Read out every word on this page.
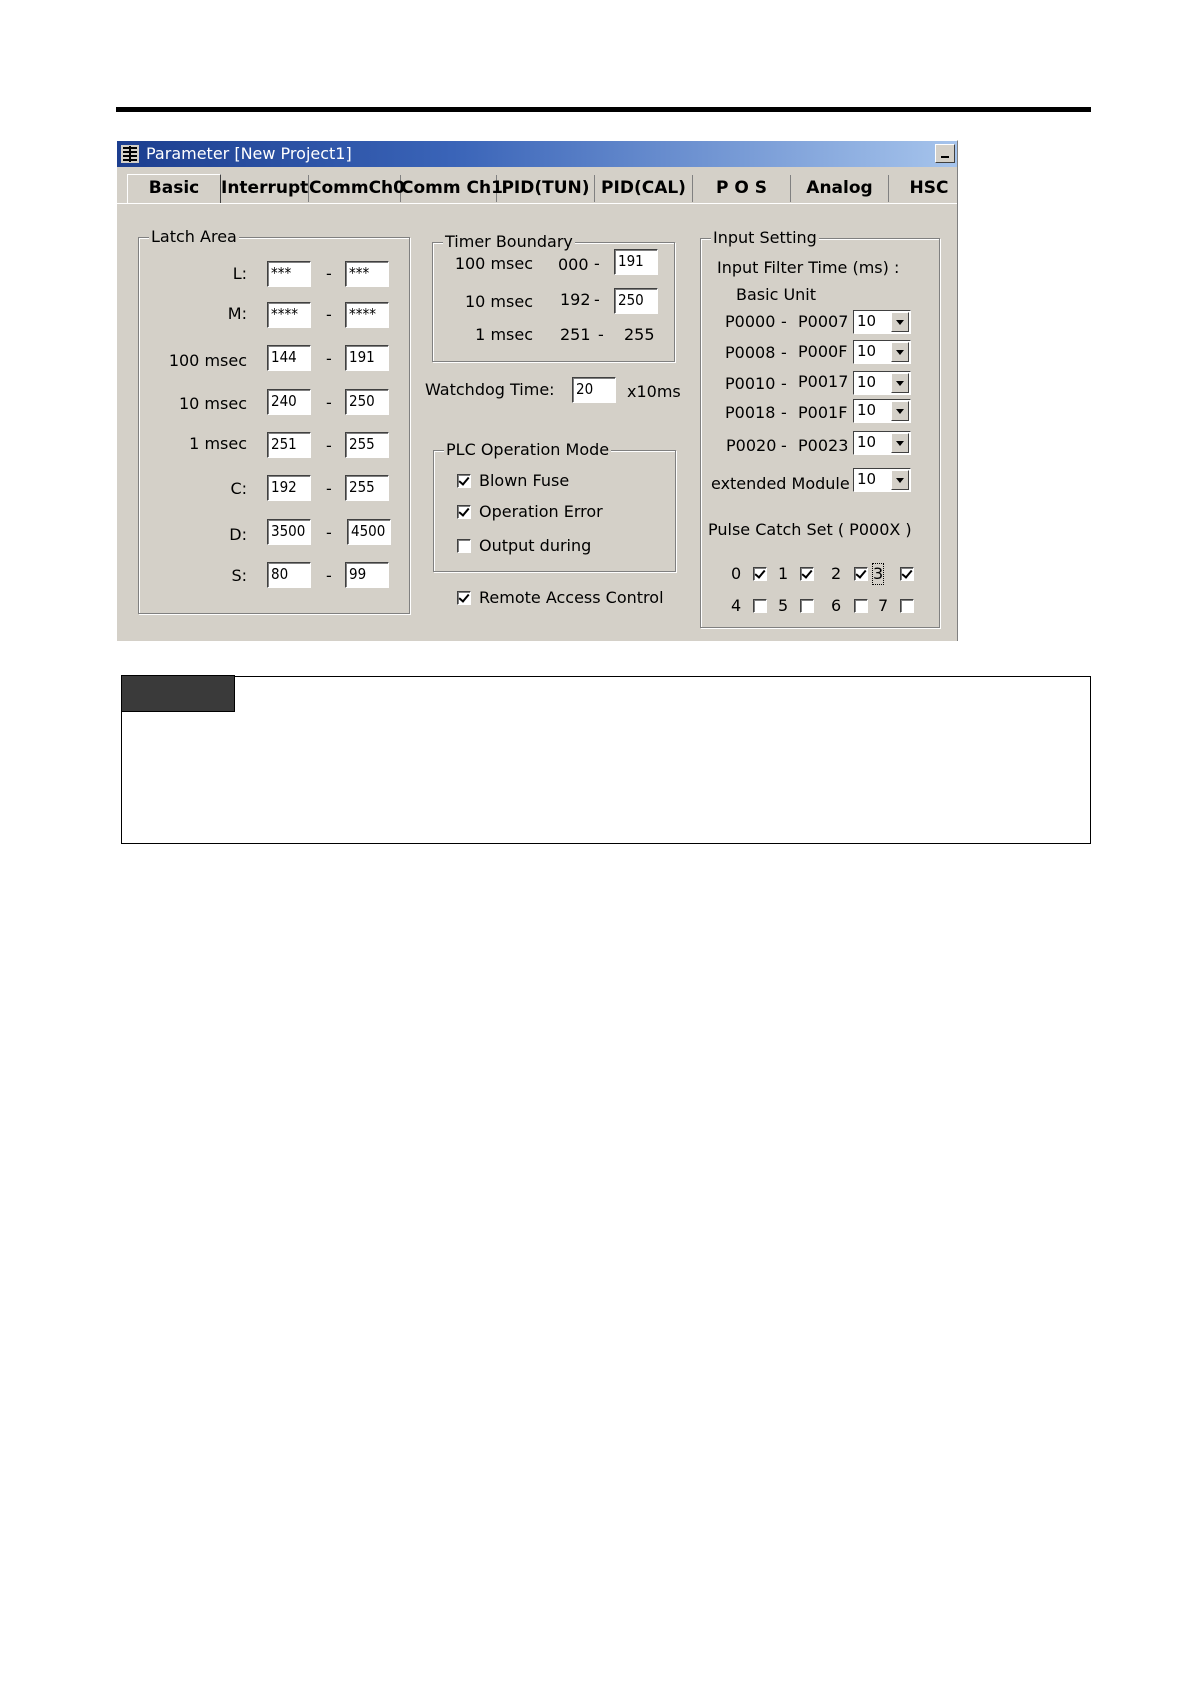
Parameter [New Project1]
Basic	Interrupt CommCh0
Comm Ch1
PID(TUN) PID(CAL)	P O S	Analog	HSC
Latch Area
L: ***	- ***
M: ****	- ****
100 msec 144	- 191
10 msec 240	- 250
1 msec 251	- 255
C: 192	- 255
D: 3500	- 4500
S: 80	- 99
Timer Boundary
100 msec 000 - 191
10 msec 192 - 250
1 msec 251 - 255
Watchdog Time: 20	x10ms
PLC Operation Mode
Blown Fuse
Operation Error
Output during
Remote Access Control
Input Setting
Input Filter Time (ms) :
Basic Unit
P0000 - P0007 10
P0008 - P000F 10
P0010 - P0017 10
P0018 - P001F 10
P0020 - P0023 10
extended Module 10
Pulse Catch Set ( P000X )
0 1	2 3
4 5	6 7
